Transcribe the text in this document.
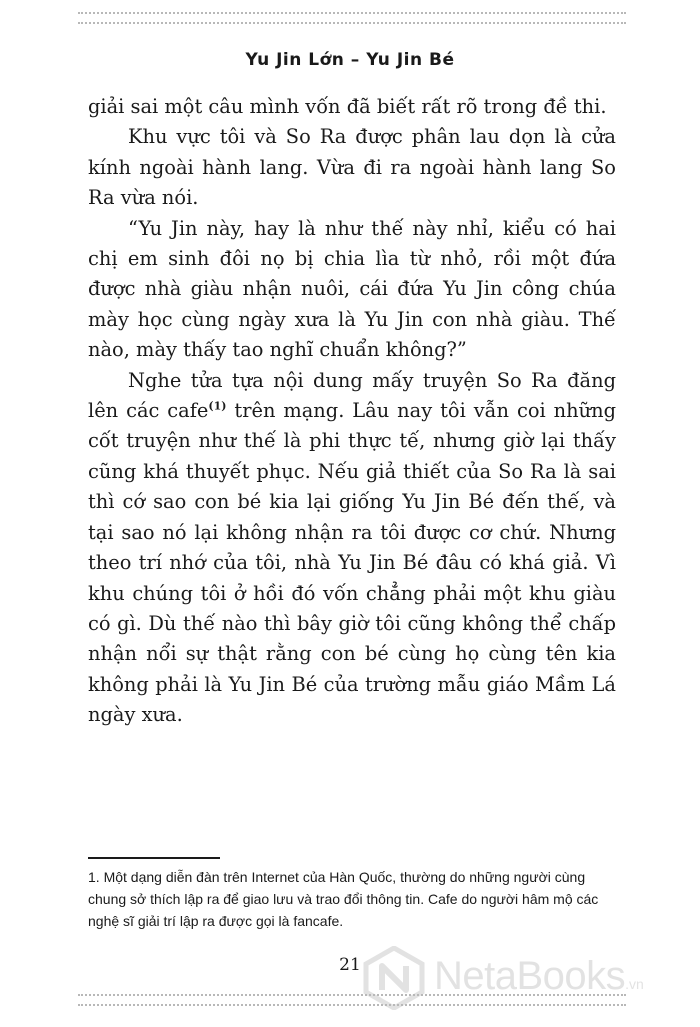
Yu Jin Lớn – Yu Jin Bé

giải sai một câu mình vốn đã biết rất rõ trong đề thi.

Khu vực tôi và So Ra được phân lau dọn là cửa kính ngoài hành lang. Vừa đi ra ngoài hành lang So Ra vừa nói.

“Yu Jin này, hay là như thế này nhỉ, kiểu có hai chị em sinh đôi nọ bị chia lìa từ nhỏ, rồi một đứa được nhà giàu nhận nuôi, cái đứa Yu Jin công chúa mày học cùng ngày xưa là Yu Jin con nhà giàu. Thế nào, mày thấy tao nghĩ chuẩn không?”

Nghe tửa tựa nội dung mấy truyện So Ra đăng lên các cafe$^{(1)}$ trên mạng. Lâu nay tôi vẫn coi những cốt truyện như thế là phi thực tế, nhưng giờ lại thấy cũng khá thuyết phục. Nếu giả thiết của So Ra là sai thì cớ sao con bé kia lại giống Yu Jin Bé đến thế, và tại sao nó lại không nhận ra tôi được cơ chứ. Nhưng theo trí nhớ của tôi, nhà Yu Jin Bé đâu có khá giả. Vì khu chúng tôi ở hồi đó vốn chẳng phải một khu giàu có gì. Dù thế nào thì bây giờ tôi cũng không thể chấp nhận nổi sự thật rằng con bé cùng họ cùng tên kia không phải là Yu Jin Bé của trường mẫu giáo Mầm Lá ngày xưa.

1. Một dạng diễn đàn trên Internet của Hàn Quốc, thường do những người cùng chung sở thích lập ra để giao lưu và trao đổi thông tin. Cafe do người hâm mộ các nghệ sĩ giải trí lập ra được gọi là fancafe.
21	NetaBooks.vn
